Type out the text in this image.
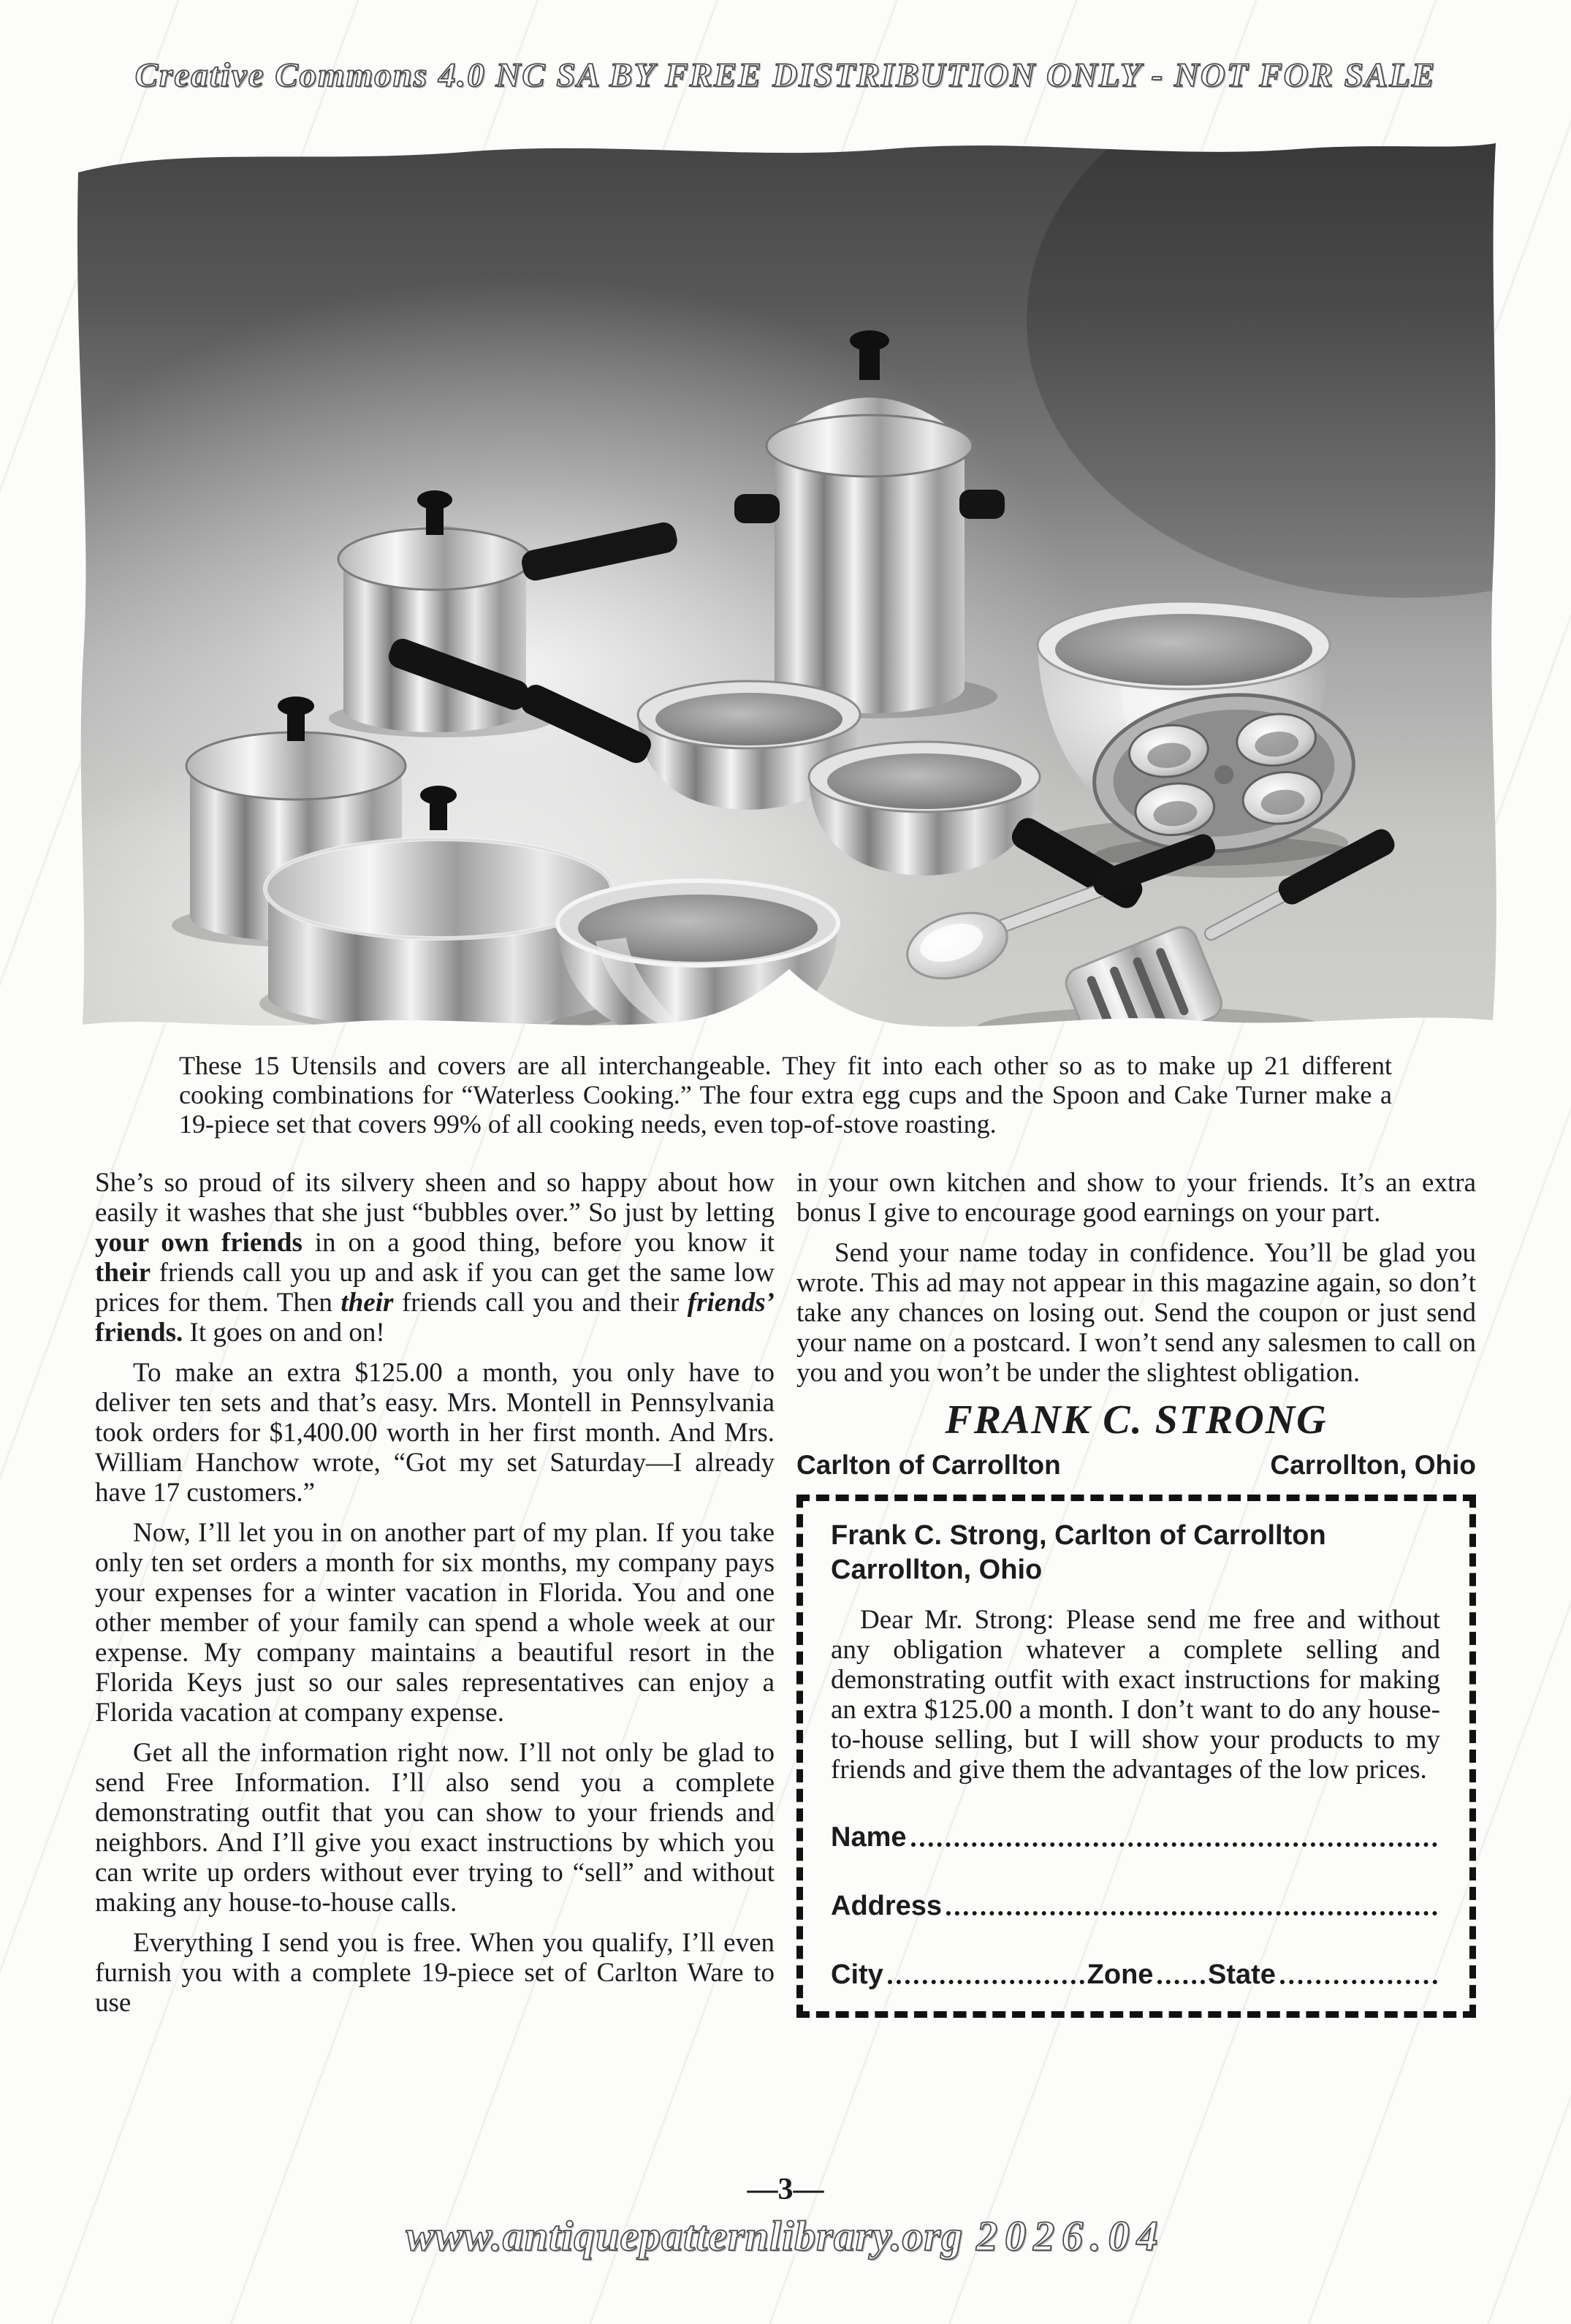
Creative Commons 4.0 NC SA BY FREE DISTRIBUTION ONLY - NOT FOR SALE

These 15 Utensils and covers are all interchangeable. They fit into each other so as to make up 21 different cooking combinations for “Waterless Cooking.” The four extra egg cups and the Spoon and Cake Turner make a 19-piece set that covers 99% of all cooking needs, even top-of-stove roasting.

She’s so proud of its silvery sheen and so happy about how easily it washes that she just “bubbles over.” So just by letting your own friends in on a good thing, before you know it their friends call you up and ask if you can get the same low prices for them. Then their friends call you and their friends’ friends. It goes on and on!

To make an extra $125.00 a month, you only have to deliver ten sets and that’s easy. Mrs. Montell in Pennsylvania took orders for $1,400.00 worth in her first month. And Mrs. William Hanchow wrote, “Got my set Saturday—I already have 17 customers.”

Now, I’ll let you in on another part of my plan. If you take only ten set orders a month for six months, my company pays your expenses for a winter vacation in Florida. You and one other member of your family can spend a whole week at our expense. My company maintains a beautiful resort in the Florida Keys just so our sales representatives can enjoy a Florida vacation at company expense.

Get all the information right now. I’ll not only be glad to send Free Information. I’ll also send you a complete demonstrating outfit that you can show to your friends and neighbors. And I’ll give you exact instructions by which you can write up orders without ever trying to “sell” and without making any house-to-house calls.

Everything I send you is free. When you qualify, I’ll even furnish you with a complete 19-piece set of Carlton Ware to use

in your own kitchen and show to your friends. It’s an extra bonus I give to encourage good earnings on your part.

Send your name today in confidence. You’ll be glad you wrote. This ad may not appear in this magazine again, so don’t take any chances on losing out. Send the coupon or just send your name on a postcard. I won’t send any salesmen to call on you and you won’t be under the slightest obligation.

FRANK C. STRONG
Carlton of Carrollton	Carrollton, Ohio
Frank C. Strong, Carlton of Carrollton
Carrollton, Ohio

Dear Mr. Strong: Please send me free and without any obligation whatever a complete selling and demonstrating outfit with exact instructions for making an extra $125.00 a month. I don’t want to do any house-to-house selling, but I will show your products to my friends and give them the advantages of the low prices.

Name
Address
City	Zone State
—3—
www.antiquepatternlibrary.org 2026.04
